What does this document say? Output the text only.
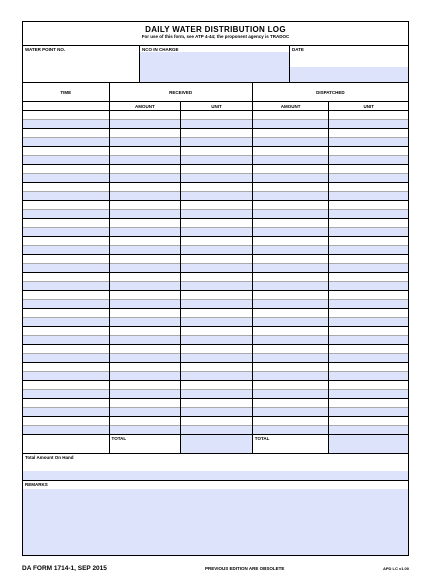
DAILY WATER DISTRIBUTION LOG
For use of this form, see ATP 4-44; the proponent agency is TRADOC
WATER POINT NO.	NCO IN CHARGE	DATE
TIME	RECEIVED	DISPATCHED
AMOUNT	UNIT	AMOUNT	UNIT
TOTAL	TOTAL
Total Amount On Hand
REMARKS
DA FORM 1714-1, SEP 2015	PREVIOUS EDITION ARE OBSOLETE	APD LC v1.00
